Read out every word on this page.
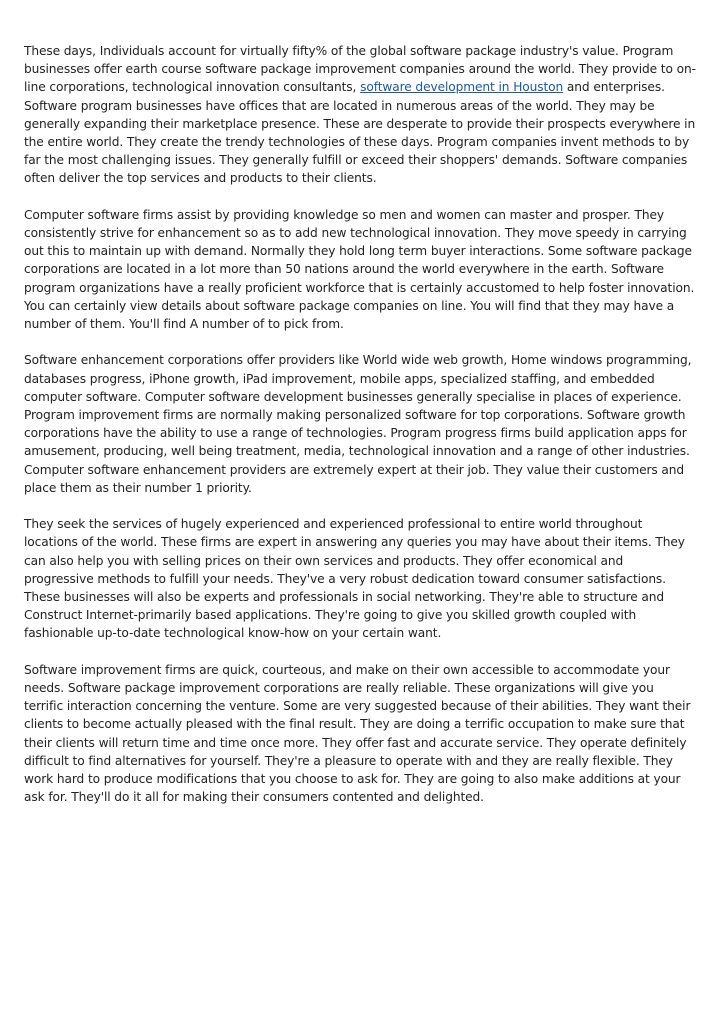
These days, Individuals account for virtually fifty% of the global software package industry's value. Program businesses offer earth course software package improvement companies around the world. They provide to on-line corporations, technological innovation consultants, software development in Houston and enterprises. Software program businesses have offices that are located in numerous areas of the world. They may be generally expanding their marketplace presence. These are desperate to provide their prospects everywhere in the entire world. They create the trendy technologies of these days. Program companies invent methods to by far the most challenging issues. They generally fulfill or exceed their shoppers' demands. Software companies often deliver the top services and products to their clients.

Computer software firms assist by providing knowledge so men and women can master and prosper. They consistently strive for enhancement so as to add new technological innovation. They move speedy in carrying out this to maintain up with demand. Normally they hold long term buyer interactions. Some software package corporations are located in a lot more than 50 nations around the world everywhere in the earth. Software program organizations have a really proficient workforce that is certainly accustomed to help foster innovation. You can certainly view details about software package companies on line. You will find that they may have a number of them. You'll find A number of to pick from.

Software enhancement corporations offer providers like World wide web growth, Home windows programming, databases progress, iPhone growth, iPad improvement, mobile apps, specialized staffing, and embedded computer software. Computer software development businesses generally specialise in places of experience. Program improvement firms are normally making personalized software for top corporations. Software growth corporations have the ability to use a range of technologies. Program progress firms build application apps for amusement, producing, well being treatment, media, technological innovation and a range of other industries. Computer software enhancement providers are extremely expert at their job. They value their customers and place them as their number 1 priority.

They seek the services of hugely experienced and experienced professional to entire world throughout locations of the world. These firms are expert in answering any queries you may have about their items. They can also help you with selling prices on their own services and products. They offer economical and progressive methods to fulfill your needs. They've a very robust dedication toward consumer satisfactions. These businesses will also be experts and professionals in social networking. They're able to structure and Construct Internet-primarily based applications. They're going to give you skilled growth coupled with fashionable up-to-date technological know-how on your certain want.

Software improvement firms are quick, courteous, and make on their own accessible to accommodate your needs. Software package improvement corporations are really reliable. These organizations will give you terrific interaction concerning the venture. Some are very suggested because of their abilities. They want their clients to become actually pleased with the final result. They are doing a terrific occupation to make sure that their clients will return time and time once more. They offer fast and accurate service. They operate definitely difficult to find alternatives for yourself. They're a pleasure to operate with and they are really flexible. They work hard to produce modifications that you choose to ask for. They are going to also make additions at your ask for. They'll do it all for making their consumers contented and delighted.
